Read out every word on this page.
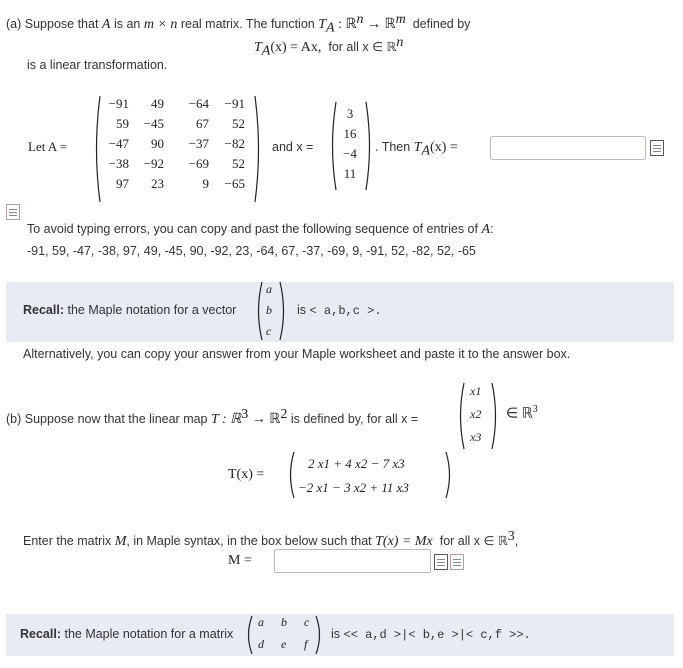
(a) Suppose that A is an m × n real matrix. The function $T_A$ : ℝ$^n$ → ℝ$^m$ defined by
$T_A(x) = Ax$, for all x ∈ ℝ$^n$
is a linear transformation.
Let A =
−91	49	−64	−91
59	−45	67	52
−47	90	−37	−82
−38	−92	−69	52
97	23	9	−65
and x =
3
16
−4
11
. Then $T_A(x)$ =
To avoid typing errors, you can copy and past the following sequence of entries of A:
-91, 59, -47, -38, 97, 49, -45, 90, -92, 23, -64, 67, -37, -69, 9, -91, 52, -82, 52, -65
Recall: the Maple notation for a vector
a
b
c
is < a,b,c >.
Alternatively, you can copy your answer from your Maple worksheet and paste it to the answer box.
(b) Suppose now that the linear map T : ℝ$^3$ → ℝ$^2$ is defined by, for all x =
x1
x2
x3
∈ ℝ$^3$
T(x) =
2 x1 + 4 x2 − 7 x3
−2 x1 − 3 x2 + 11 x3
Enter the matrix M, in Maple syntax, in the box below such that T(x) = Mx for all x ∈ ℝ$^3$,
M =
Recall: the Maple notation for a matrix
a b c
d e f
is << a,d >|< b,e >|< c,f >>.
